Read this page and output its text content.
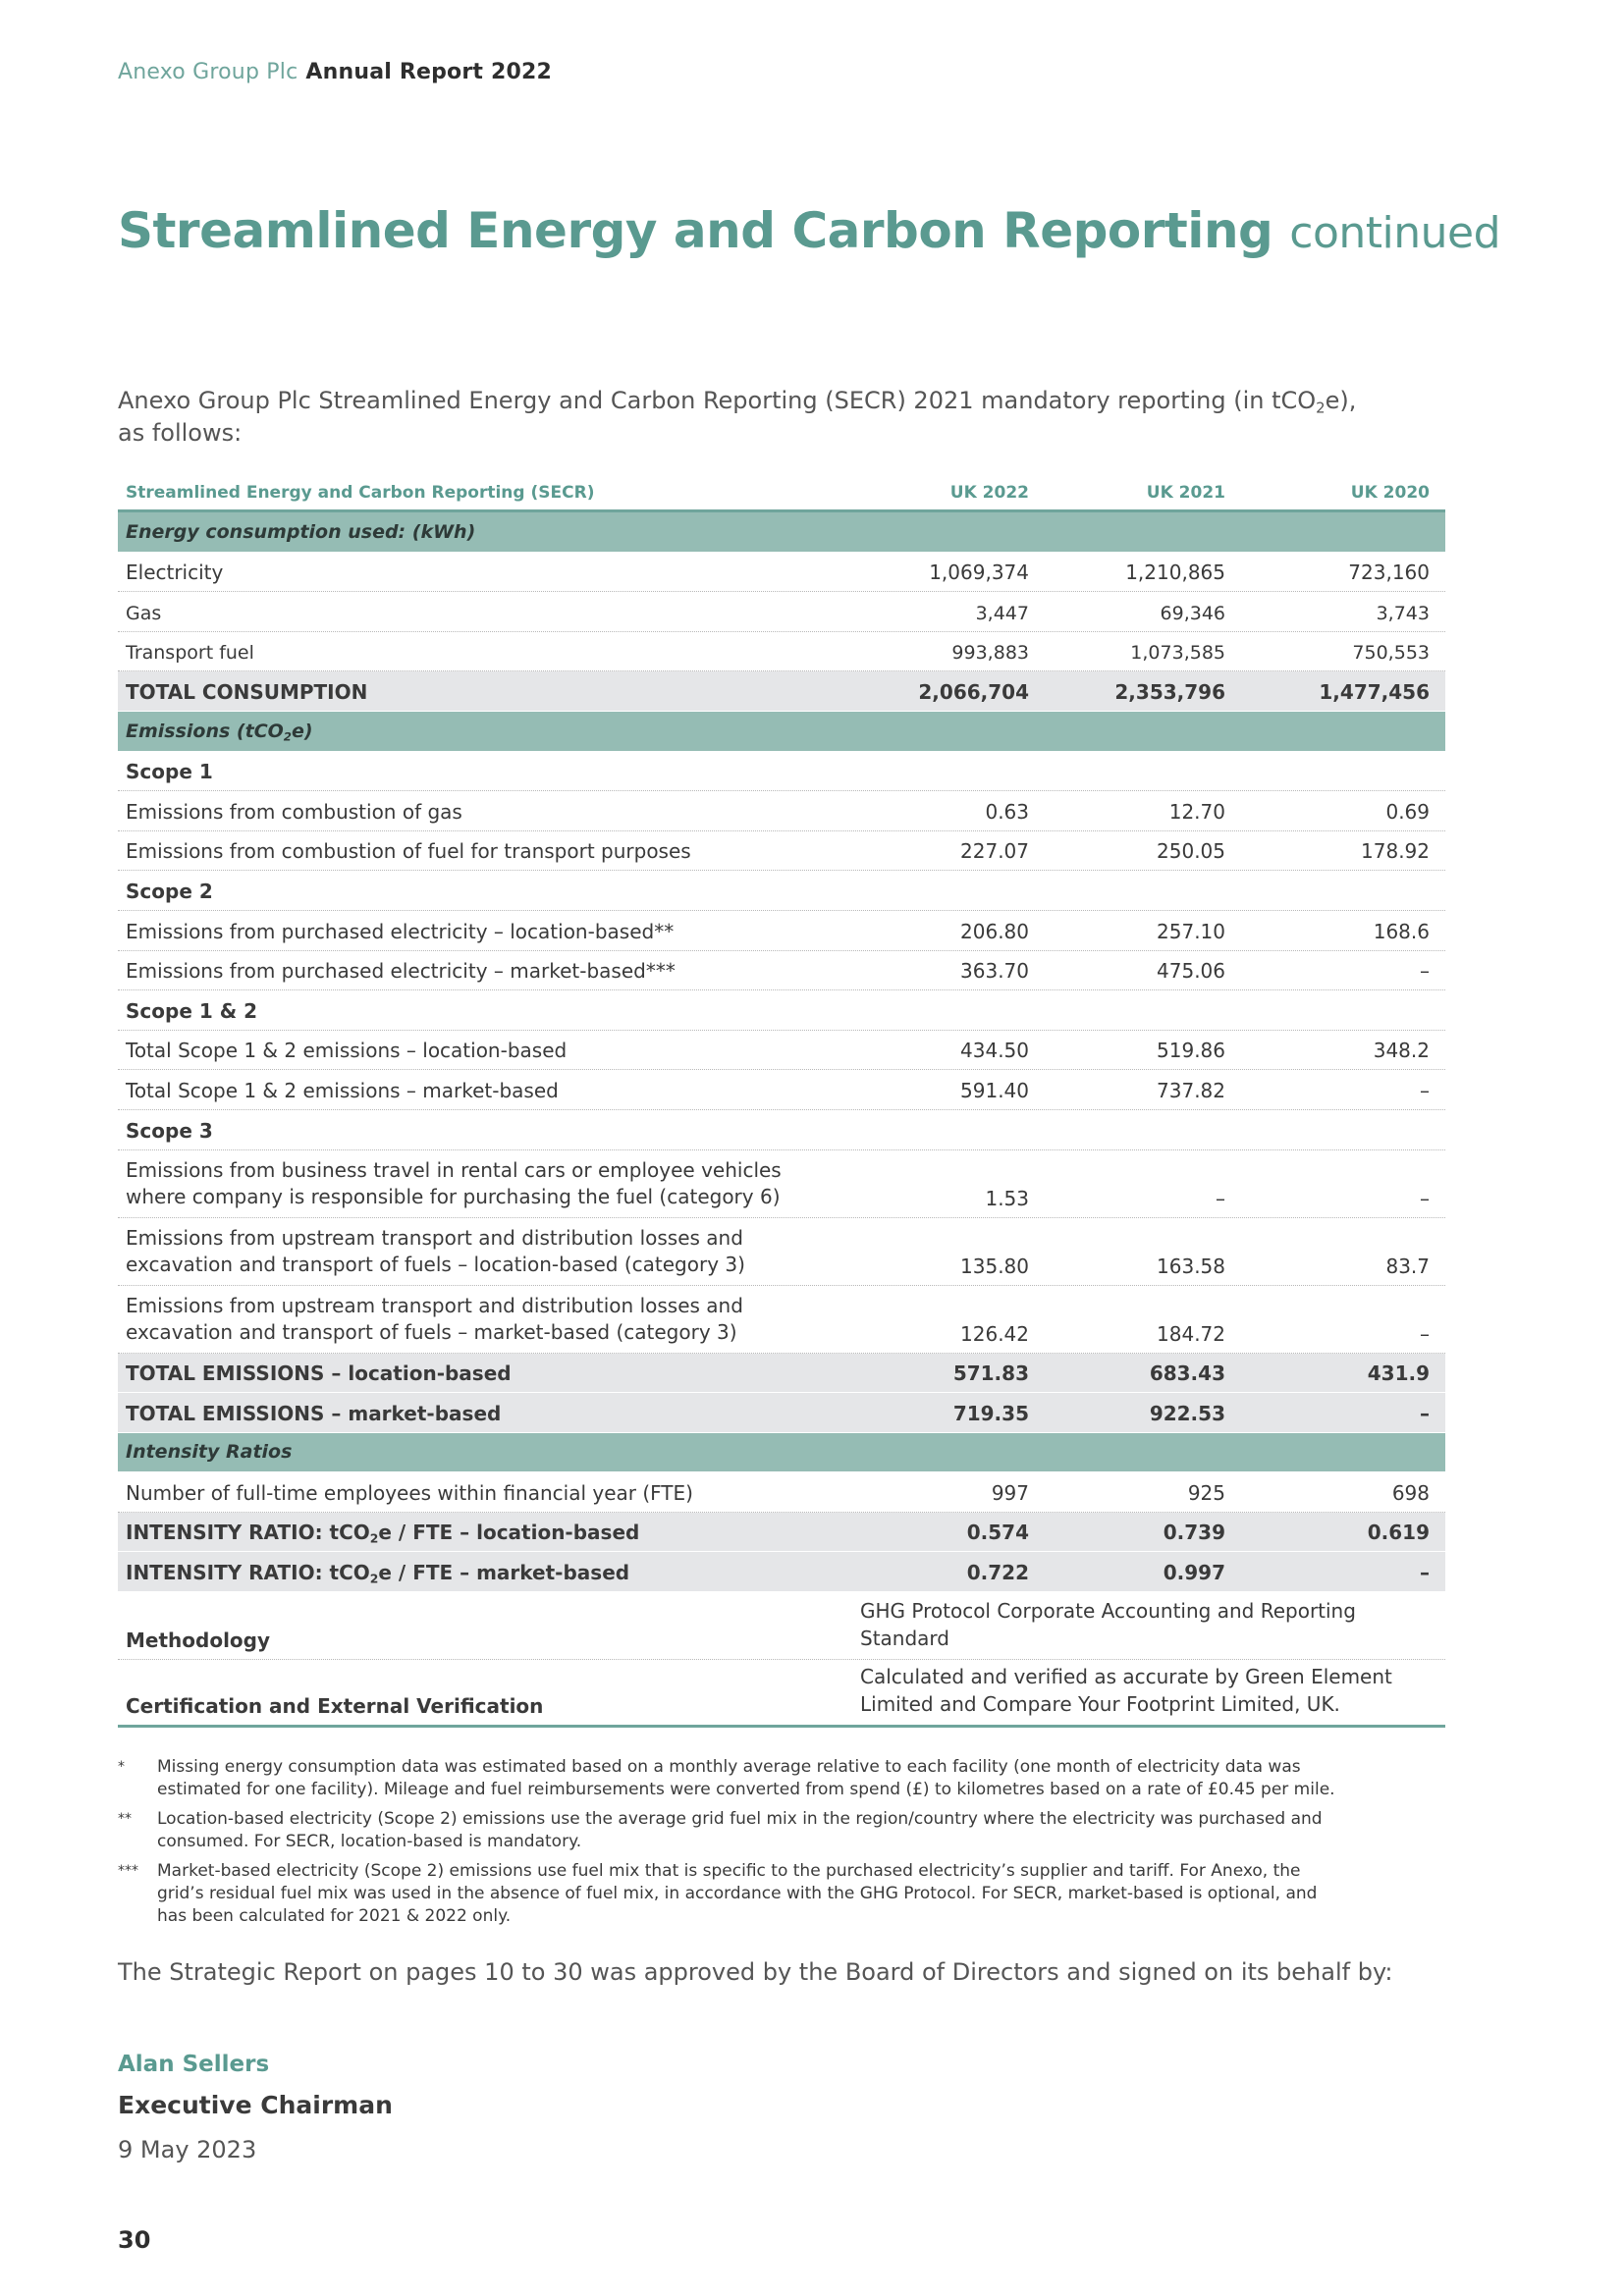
Anexo Group Plc Annual Report 2022
Streamlined Energy and Carbon Reporting continued
Anexo Group Plc Streamlined Energy and Carbon Reporting (SECR) 2021 mandatory reporting (in tCO$_2$e),
as follows:
Streamlined Energy and Carbon Reporting (SECR)	UK 2022	UK 2021	UK 2020
Energy consumption used: (kWh)
Electricity	1,069,374	1,210,865	723,160
Gas	3,447	69,346	3,743
Transport fuel	993,883	1,073,585	750,553
TOTAL CONSUMPTION	2,066,704	2,353,796	1,477,456
Emissions (tCO$_2$e)
Scope 1
Emissions from combustion of gas	0.63	12.70	0.69
Emissions from combustion of fuel for transport purposes	227.07	250.05	178.92
Scope 2
Emissions from purchased electricity – location-based**	206.80	257.10	168.6
Emissions from purchased electricity – market-based***	363.70	475.06	–
Scope 1 & 2
Total Scope 1 & 2 emissions – location-based	434.50	519.86	348.2
Total Scope 1 & 2 emissions – market-based	591.40	737.82	–
Scope 3
Emissions from business travel in rental cars or employee vehicles
where company is responsible for purchasing the fuel (category 6)	1.53	–	–
Emissions from upstream transport and distribution losses and
excavation and transport of fuels – location-based (category 3)	135.80	163.58	83.7
Emissions from upstream transport and distribution losses and
excavation and transport of fuels – market-based (category 3)	126.42	184.72	–
TOTAL EMISSIONS – location-based	571.83	683.43	431.9
TOTAL EMISSIONS – market-based	719.35	922.53	–
Intensity Ratios
Number of full-time employees within financial year (FTE)	997	925	698
INTENSITY RATIO: tCO$_2$e / FTE – location-based	0.574	0.739	0.619
INTENSITY RATIO: tCO$_2$e / FTE – market-based	0.722	0.997	–
Methodology
GHG Protocol Corporate Accounting and Reporting
Standard
Certification and External Verification
Calculated and verified as accurate by Green Element
Limited and Compare Your Footprint Limited, UK.
*	Missing energy consumption data was estimated based on a monthly average relative to each facility (one month of electricity data was
estimated for one facility). Mileage and fuel reimbursements were converted from spend (£) to kilometres based on a rate of £0.45 per mile.
**	Location-based electricity (Scope 2) emissions use the average grid fuel mix in the region/country where the electricity was purchased and
consumed. For SECR, location-based is mandatory.
***	Market-based electricity (Scope 2) emissions use fuel mix that is specific to the purchased electricity’s supplier and tariff. For Anexo, the
grid’s residual fuel mix was used in the absence of fuel mix, in accordance with the GHG Protocol. For SECR, market-based is optional, and
has been calculated for 2021 & 2022 only.
The Strategic Report on pages 10 to 30 was approved by the Board of Directors and signed on its behalf by:
Alan Sellers
Executive Chairman
9 May 2023
30
